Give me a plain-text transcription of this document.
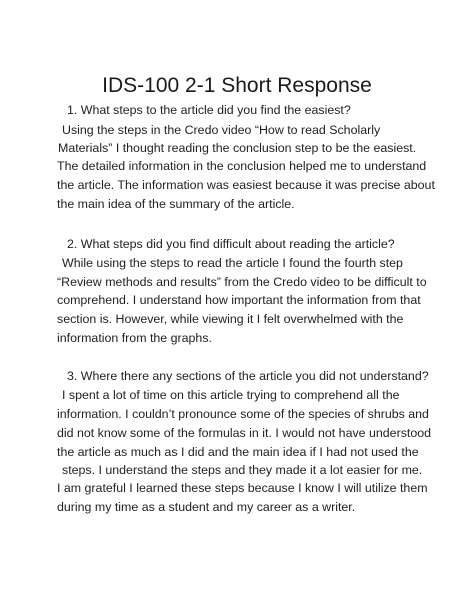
IDS-100 2-1 Short Response
1. What steps to the article did you find the easiest?
Using the steps in the Credo video “How to read Scholarly
Materials” I thought reading the conclusion step to be the easiest.
The detailed information in the conclusion helped me to understand
the article. The information was easiest because it was precise about
the main idea of the summary of the article.
2. What steps did you find difficult about reading the article?
While using the steps to read the article I found the fourth step
“Review methods and results” from the Credo video to be difficult to
comprehend. I understand how important the information from that
section is. However, while viewing it I felt overwhelmed with the
information from the graphs.
3. Where there any sections of the article you did not understand?
I spent a lot of time on this article trying to comprehend all the
information. I couldn’t pronounce some of the species of shrubs and
did not know some of the formulas in it. I would not have understood
the article as much as I did and the main idea if I had not used the
steps. I understand the steps and they made it a lot easier for me.
I am grateful I learned these steps because I know I will utilize them
during my time as a student and my career as a writer.
